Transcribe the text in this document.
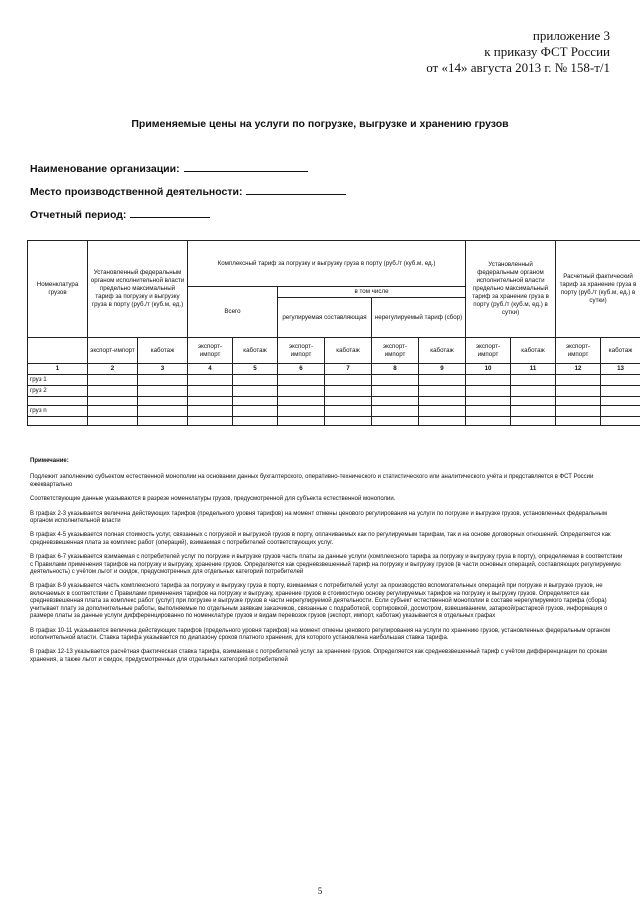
приложение 3
к приказу ФСТ России
от «14» августа 2013 г. № 158-т/1
Применяемые цены на услуги по погрузке, выгрузке и хранению грузов
Наименование организации:
Место производственной деятельности:
Отчетный период:
Номенклатура грузов	Установленный федеральным органом исполнительной власти предельно максимальный тариф за погрузку и выгрузку груза в порту (руб./т (куб.м, ед.)		Комплексный тариф за погрузку и выгрузку груза в порту (руб./т (куб.м, ед.)						Установленный федеральным органом исполнительной власти предельно максимальный тариф за хранение груза в порту (руб./т (куб.м, ед.) в сутки)		Расчетный фактический тариф за хранение груза в порту (руб./т (куб.м, ед.) в сутки)	
			Всего		в том числе							
					регулируемая составляющая		нерегулируемый тариф (сбор)					
	экспорт-импорт	каботаж	экспорт-импорт	каботаж	экспорт-импорт	каботаж	экспорт-импорт	каботаж	экспорт-импорт	каботаж	экспорт-импорт	каботаж
1	2	3	4	5	6	7	8	9	10	11	12	13
груз 1												
груз 2												

груз n												

Примечание:

Подлежит заполнению субъектом естественной монополии на основании данных бухгалтерского, оперативно-технического и статистического или аналитического учёта и представляется в ФСТ России ежеквартально

Соответствующие данные указываются в разрезе номенклатуры грузов, предусмотренной для субъекта естественной монополии.

В графах 2-3 указывается величина действующих тарифов (предельного уровня тарифов) на момент отмены ценового регулирования на услуги по погрузке и выгрузке грузов, установленных федеральным органом исполнительной власти

В графах 4-5 указывается полная стоимость услуг, связанных с погрузкой и выгрузкой грузов в порту, оплачиваемых как по регулируемым тарифам, так и на основе договорных отношений. Определяется как средневзвешенная плата за комплекс работ (операций), взимаемая с потребителей соответствующих услуг.

В графах 6-7 указывается взимаемая с потребителей услуг по погрузке и выгрузке грузов часть платы за данные услуги (комплексного тарифа за погрузку и выгрузку груза в порту), определяемая в соответствии с Правилами применения тарифов на погрузку и выгрузку, хранение грузов. Определяется как средневзвешенный тариф на погрузку и выгрузку грузов (в части основных операций, составляющих регулируемую деятельность) с учётом льгот и скидок, предусмотренных для отдельных категорий потребителей

В графах 8-9 указывается часть комплексного тарифа за погрузку и выгрузку груза в порту, взимаемая с потребителей услуг за производство вспомогательных операций при погрузке и выгрузке грузов, не включаемых в соответствии с Правилами применения тарифов на погрузку и выгрузку, хранение грузов в стоимостную основу регулируемых тарифов на погрузку и выгрузку грузов. Определяется как средневзвешенная плата за комплекс работ (услуг) при погрузке и выгрузке грузов в части нерегулируемой деятельности. Если субъект естественной монополии в составе нерегулируемого тарифа (сбора) учитывает плату за дополнительные работы, выполняемые по отдельным заявкам заказчиков, связанные с подработкой, сортировкой, досмотром, взвешиванием, затаркой/растаркой грузов, информация о размере платы за данные услуги дифференцированно по номенклатуре грузов и видам перевозок грузов (экспорт, импорт, каботаж) указывается в отдельных графах

В графах 10-11 указывается величина действующих тарифов (предельного уровня тарифов) на момент отмены ценового регулирования на услуги по хранению грузов, установленных федеральным органом исполнительной власти. Ставка тарифа указывается по диапазону сроков платного хранения, для которого установлена наибольшая ставка тарифа.

В графах 12-13 указывается расчётная фактическая ставка тарифа, взимаемая с потребителей услуг за хранение грузов. Определяется как средневзвешенный тариф с учётом дифференциации по срокам хранения, а также льгот и скидок, предусмотренных для отдельных категорий потребителей

5
